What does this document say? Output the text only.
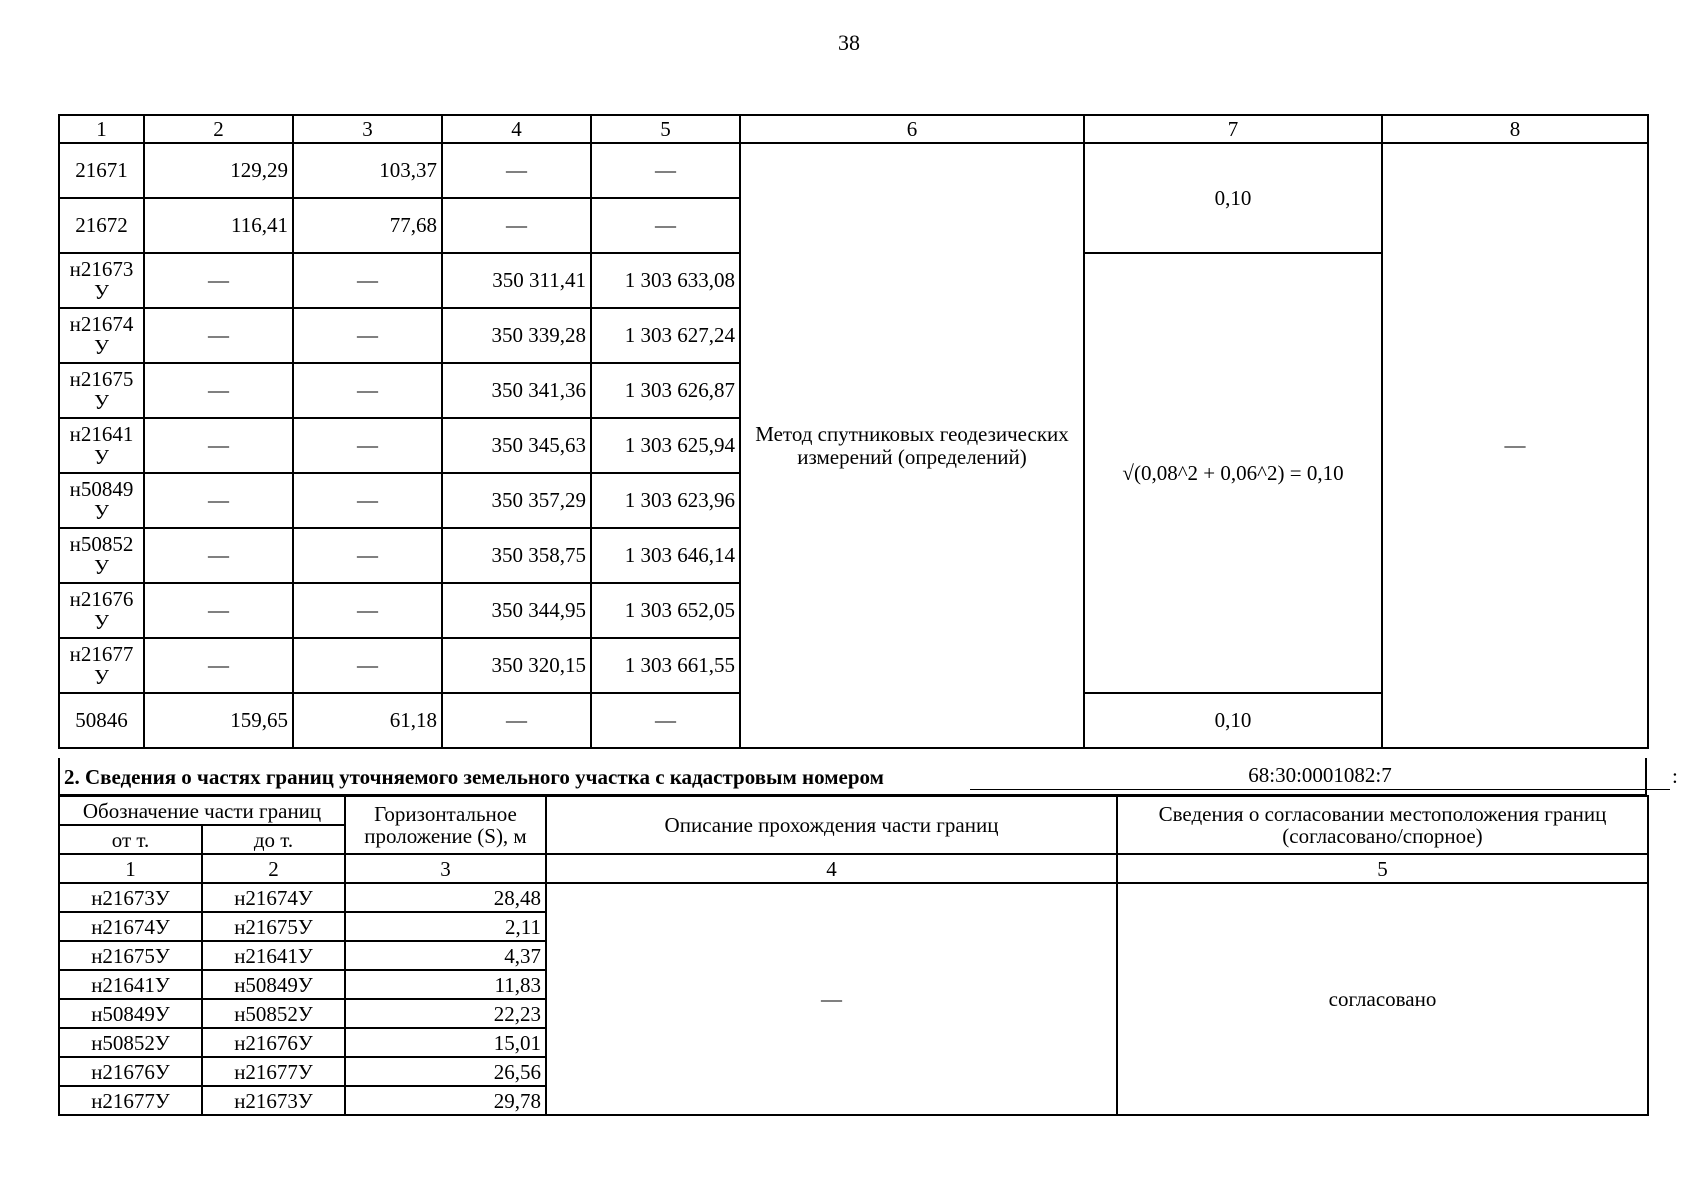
38
1	2	3	4	5	6	7	8
21671	129,29	103,37	—	—	Метод спутниковых геодезических измерений (определений)	0,10	—
21672	116,41	77,68	—	—			
н21673 У	—	—	350 311,41	1 303 633,08		√(0,08^2 + 0,06^2) = 0,10	
н21674 У	—	—	350 339,28	1 303 627,24			
н21675 У	—	—	350 341,36	1 303 626,87			
н21641 У	—	—	350 345,63	1 303 625,94			
н50849 У	—	—	350 357,29	1 303 623,96			
н50852 У	—	—	350 358,75	1 303 646,14			
н21676 У	—	—	350 344,95	1 303 652,05			
н21677 У	—	—	350 320,15	1 303 661,55			
50846	159,65	61,18	—	—		0,10	
2. Сведения о частях границ уточняемого земельного участка с кадастровым номером	68:30:0001082:7	:
Обозначение части границ		Горизонтальное проложение (S), м	Описание прохождения части границ	Сведения о согласовании местоположения границ (согласовано/спорное)
от т.	до т.			
1	2	3	4	5
н21673У	н21674У	28,48	—	согласовано
н21674У	н21675У	2,11		
н21675У	н21641У	4,37		
н21641У	н50849У	11,83		
н50849У	н50852У	22,23		
н50852У	н21676У	15,01		
н21676У	н21677У	26,56		
н21677У	н21673У	29,78		
